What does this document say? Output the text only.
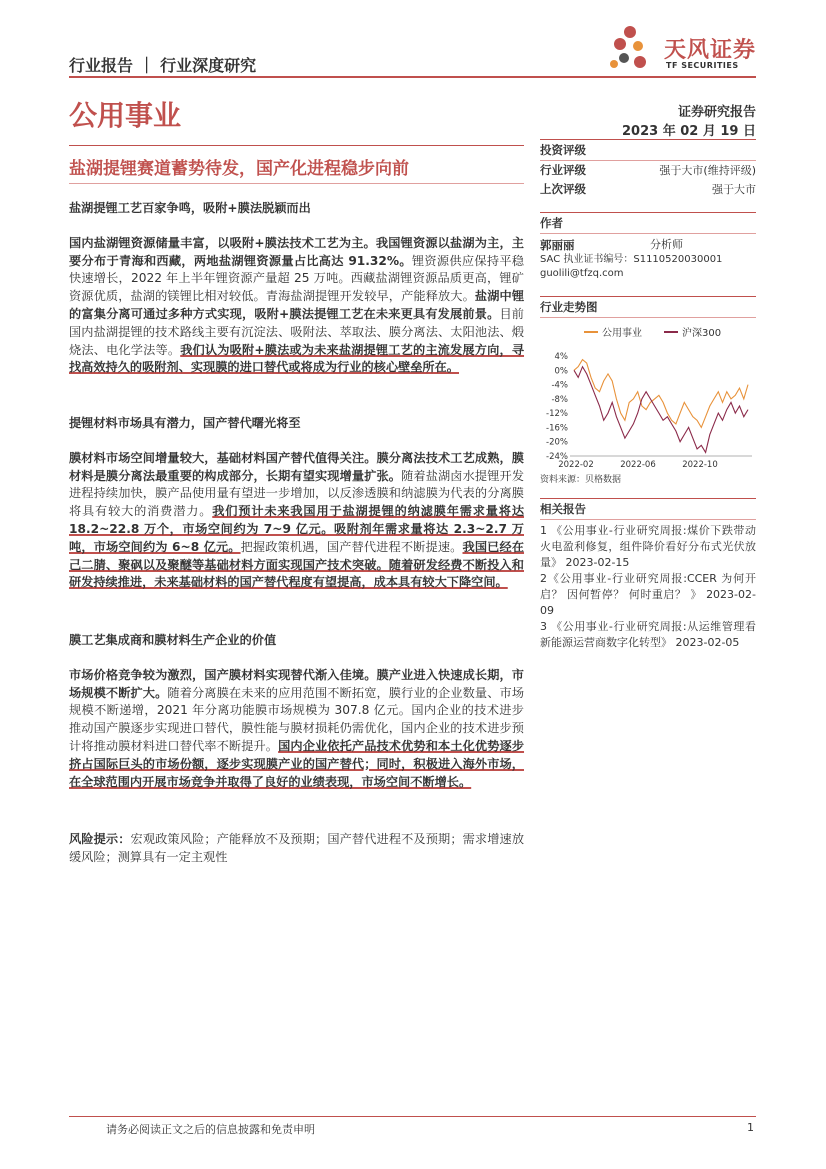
行业报告 ｜ 行业深度研究
天风证券
TF SECURITIES
公用事业	证券研究报告
2023 年 02 月 19 日
盐湖提锂赛道蓄势待发，国产化进程稳步向前

盐湖提锂工艺百家争鸣，吸附+膜法脱颖而出

国内盐湖锂资源储量丰富，以吸附+膜法技术工艺为主。我国锂资源以盐湖为主，主要分布于青海和西藏，两地盐湖锂资源量占比高达 91.32%。锂资源供应保持平稳快速增长，2022 年上半年锂资源产量超 25 万吨。西藏盐湖锂资源品质更高，锂矿资源优质，盐湖的镁锂比相对较低。青海盐湖提锂开发较早，产能释放大。盐湖中锂的富集分离可通过多种方式实现，吸附+膜法提锂工艺在未来更具有发展前景。目前国内盐湖提锂的技术路线主要有沉淀法、吸附法、萃取法、膜分离法、太阳池法、煅烧法、电化学法等。我们认为吸附+膜法或为未来盐湖提锂工艺的主流发展方向，寻找高效持久的吸附剂、实现膜的进口替代或将成为行业的核心壁垒所在。

提锂材料市场具有潜力，国产替代曙光将至

膜材料市场空间增量较大，基础材料国产替代值得关注。膜分离法技术工艺成熟，膜材料是膜分离法最重要的构成部分，长期有望实现增量扩张。随着盐湖卤水提锂开发进程持续加快，膜产品使用量有望进一步增加，以反渗透膜和纳滤膜为代表的分离膜将具有较大的消费潜力。我们预计未来我国用于盐湖提锂的纳滤膜年需求量将达 18.2~22.8 万个，市场空间约为 7~9 亿元。吸附剂年需求量将达 2.3~2.7 万吨，市场空间约为 6~8 亿元。把握政策机遇，国产替代进程不断提速。我国已经在己二腈、聚砜以及聚醚等基础材料方面实现国产技术突破。随着研发经费不断投入和研发持续推进，未来基础材料的国产替代程度有望提高，成本具有较大下降空间。

膜工艺集成商和膜材料生产企业的价值

市场价格竞争较为激烈，国产膜材料实现替代渐入佳境。膜产业进入快速成长期，市场规模不断扩大。随着分离膜在未来的应用范围不断拓宽，膜行业的企业数量、市场规模不断递增，2021 年分离功能膜市场规模为 307.8 亿元。国内企业的技术进步推动国产膜逐步实现进口替代，膜性能与膜材损耗仍需优化，国内企业的技术进步预计将推动膜材料进口替代率不断提升。国内企业依托产品技术优势和本土化优势逐步挤占国际巨头的市场份额，逐步实现膜产业的国产替代；同时，积极进入海外市场，在全球范围内开展市场竞争并取得了良好的业绩表现，市场空间不断增长。

风险提示：宏观政策风险；产能释放不及预期；国产替代进程不及预期；需求增速放缓风险；测算具有一定主观性

投资评级
行业评级	强于大市(维持评级)
上次评级	强于大市
作者
郭丽丽	分析师
SAC 执业证书编号：S1110520030001
guolili@tfzq.com
行业走势图
公用事业	沪深300
4%
0%
-4%
-8%
-12%
-16%
-20%
-24%
2022-02	2022-06	2022-10
资料来源：贝格数据
相关报告
1 《公用事业-行业研究周报:煤价下跌带动火电盈利修复，组件降价看好分布式光伏放量》 2023-02-15
2《公用事业-行业研究周报:CCER 为何开启？ 因何暂停？ 何时重启？ 》 2023-02-09
3 《公用事业-行业研究周报:从运维管理看新能源运营商数字化转型》 2023-02-05
请务必阅读正文之后的信息披露和免责申明	1
